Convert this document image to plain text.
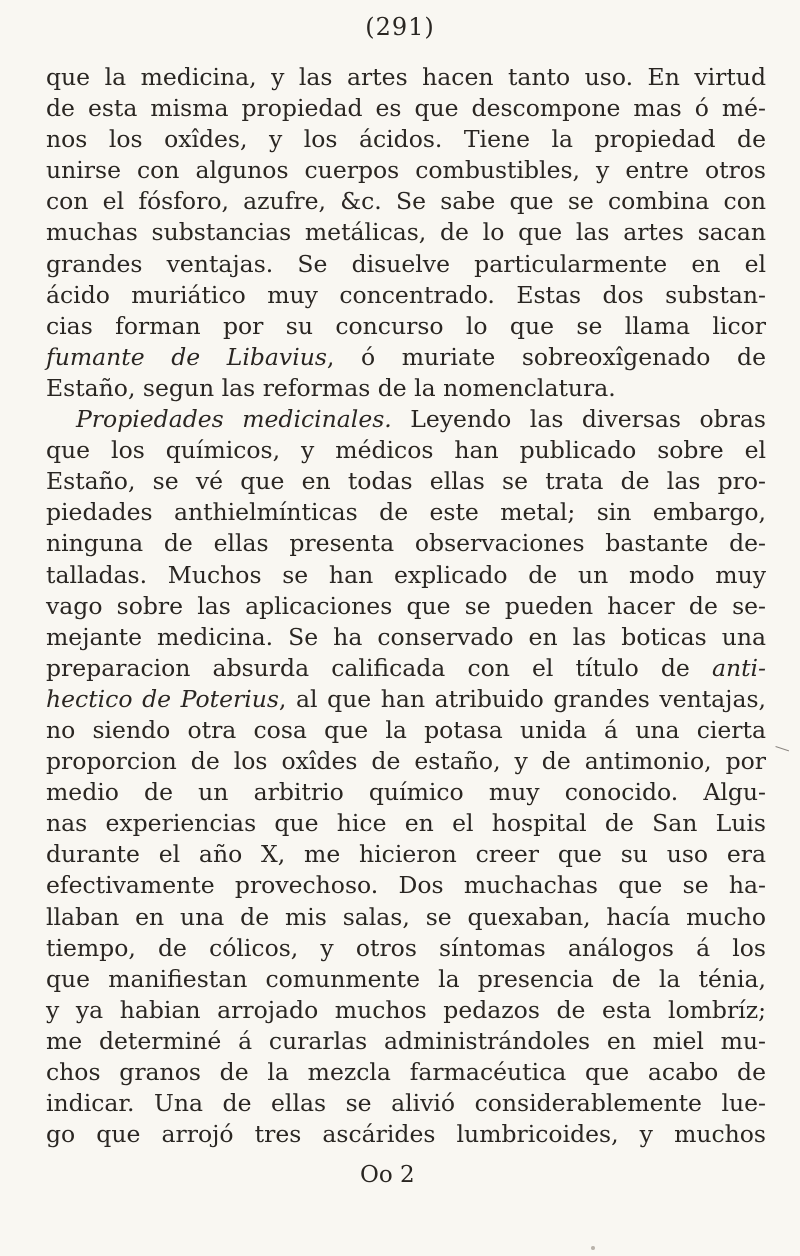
(291)
que la medicina, y las artes hacen tanto uso. En virtud
de esta misma propiedad es que descompone mas ó mé-
nos los oxîdes, y los ácidos. Tiene la propiedad de
unirse con algunos cuerpos combustibles, y entre otros
con el fósforo, azufre, &c. Se sabe que se combina con
muchas substancias metálicas, de lo que las artes sacan
grandes ventajas. Se disuelve particularmente en el
ácido muriático muy concentrado. Estas dos substan-
cias forman por su concurso lo que se llama licor
fumante de Libavius, ó muriate sobreoxîgenado de
Estaño, segun las reformas de la nomenclatura.
Propiedades medicinales. Leyendo las diversas obras
que los químicos, y médicos han publicado sobre el
Estaño, se vé que en todas ellas se trata de las pro-
piedades anthielmínticas de este metal; sin embargo,
ninguna de ellas presenta observaciones bastante de-
talladas. Muchos se han explicado de un modo muy
vago sobre las aplicaciones que se pueden hacer de se-
mejante medicina. Se ha conservado en las boticas una
preparacion absurda calificada con el título de anti-
hectico de Poterius, al que han atribuido grandes ventajas,
no siendo otra cosa que la potasa unida á una cierta
proporcion de los oxîdes de estaño, y de antimonio, por
medio de un arbitrio químico muy conocido. Algu-
nas experiencias que hice en el hospital de San Luis
durante el año X, me hicieron creer que su uso era
efectivamente provechoso. Dos muchachas que se ha-
llaban en una de mis salas, se quexaban, hacía mucho
tiempo, de cólicos, y otros síntomas análogos á los
que manifiestan comunmente la presencia de la ténia,
y ya habian arrojado muchos pedazos de esta lombríz;
me determiné á curarlas administrándoles en miel mu-
chos granos de la mezcla farmacéutica que acabo de
indicar. Una de ellas se alivió considerablemente lue-
go que arrojó tres ascárides lumbricoides, y muchos
Oo 2
